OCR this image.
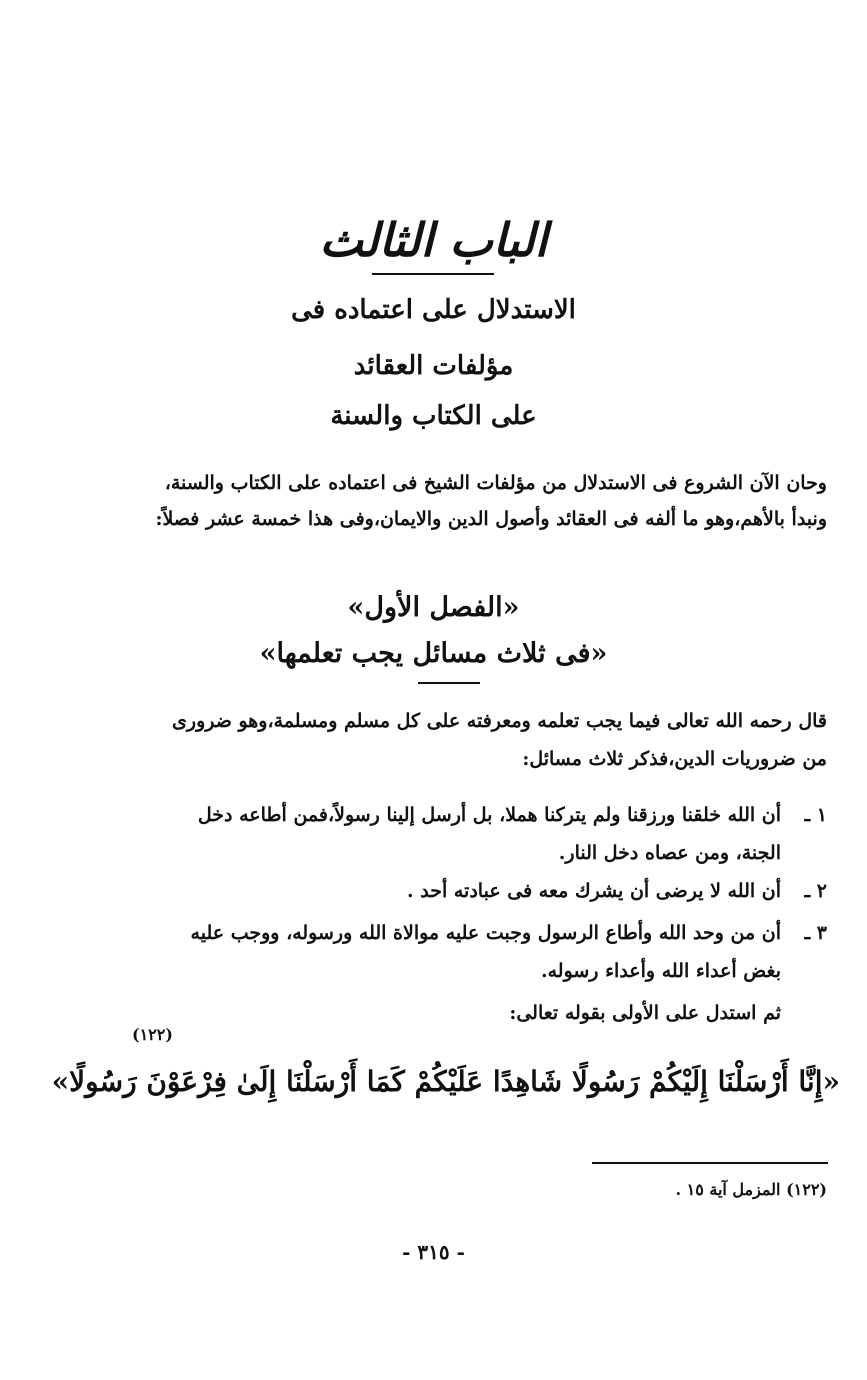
الباب الثالث
الاستدلال على اعتماده فى
مؤلفات العقائد
على الكتاب والسنة
وحان الآن الشروع فى الاستدلال من مؤلفات الشيخ فى اعتماده على الكتاب والسنة،
ونبدأ بالأهم،وهو ما ألفه فى العقائد وأصول الدين والايمان،وفى هذا خمسة عشر فصلاً:
«الفصل الأول»
«فى ثلاث مسائل يجب تعلمها»
قال رحمه الله تعالى فيما يجب تعلمه ومعرفته على كل مسلم ومسلمة،وهو ضرورى
من ضروريات الدين،فذكر ثلاث مسائل:
١ ـ
أن الله خلقنا ورزقنا ولم يتركنا هملا، بل أرسل إلينا رسولاً،فمن أطاعه دخل
الجنة، ومن عصاه دخل النار.
٢ ـ
أن الله لا يرضى أن يشرك معه فى عبادته أحد .
٣ ـ
أن من وحد الله وأطاع الرسول وجبت عليه موالاة الله ورسوله، ووجب عليه
بغض أعداء الله وأعداء رسوله.
ثم استدل على الأولى بقوله تعالى:
(١٢٢)
«إِنَّا أَرْسَلْنَا إِلَيْكُمْ رَسُولًا شَاهِدًا عَلَيْكُمْ كَمَا أَرْسَلْنَا إِلَىٰ فِرْعَوْنَ رَسُولًا»
(١٢٢) المزمل آية ١٥ .
- ٣١٥ -
